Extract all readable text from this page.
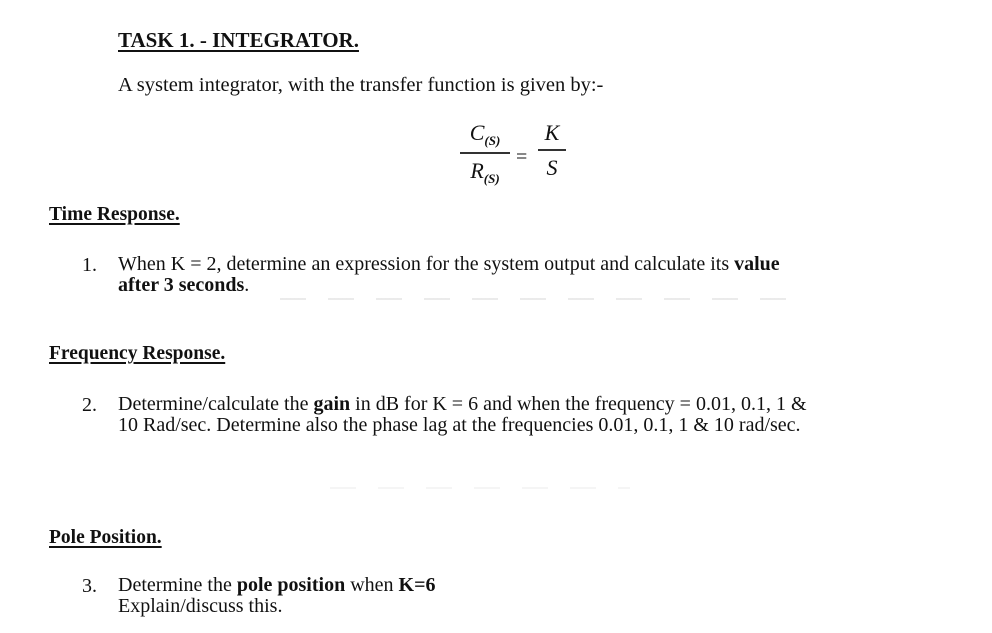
TASK 1. - INTEGRATOR.
A system integrator, with the transfer function is given by:-
$C_{(S)}$
$R_{(S)}$
=
K
S
Time Response.
1. When K = 2, determine an expression for the system output and calculate its value
after 3 seconds.
Frequency Response.
2. Determine/calculate the gain in dB for K = 6 and when the frequency = 0.01, 0.1, 1 &
10 Rad/sec. Determine also the phase lag at the frequencies 0.01, 0.1, 1 & 10 rad/sec.
Pole Position.
3. Determine the pole position when K=6
Explain/discuss this.
